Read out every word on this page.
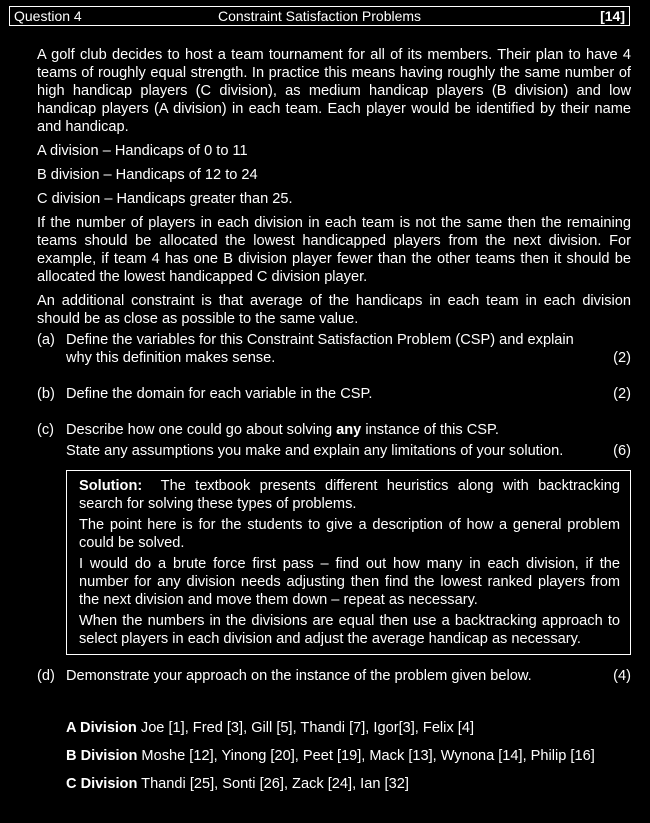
Question 4	Constraint Satisfaction Problems	[14]

A golf club decides to host a team tournament for all of its members. Their plan to have 4 teams of roughly equal strength. In practice this means having roughly the same number of high handicap players (C division), as medium handicap players (B division) and low handicap players (A division) in each team. Each player would be identified by their name and handicap.

A division – Handicaps of 0 to 11

B division – Handicaps of 12 to 24

C division – Handicaps greater than 25.

If the number of players in each division in each team is not the same then the remaining teams should be allocated the lowest handicapped players from the next division. For example, if team 4 has one B division player fewer than the other teams then it should be allocated the lowest handicapped C division player.

An additional constraint is that average of the handicaps in each team in each division should be as close as possible to the same value.

(a) Define the variables for this Constraint Satisfaction Problem (CSP) and explain why this definition makes sense.	(2)
(b) Define the domain for each variable in the CSP.	(2)
(c) Describe how one could go about solving any instance of this CSP.
State any assumptions you make and explain any limitations of your solution.	(6)

Solution: The textbook presents different heuristics along with backtracking search for solving these types of problems.

The point here is for the students to give a description of how a general problem could be solved.

I would do a brute force first pass – find out how many in each division, if the number for any division needs adjusting then find the lowest ranked players from the next division and move them down – repeat as necessary.

When the numbers in the divisions are equal then use a backtracking approach to select players in each division and adjust the average handicap as necessary.

(d) Demonstrate your approach on the instance of the problem given below.	(4)

A Division Joe [1], Fred [3], Gill [5], Thandi [7], Igor[3], Felix [4]

B Division Moshe [12], Yinong [20], Peet [19], Mack [13], Wynona [14], Philip [16]

C Division Thandi [25], Sonti [26], Zack [24], Ian [32]
